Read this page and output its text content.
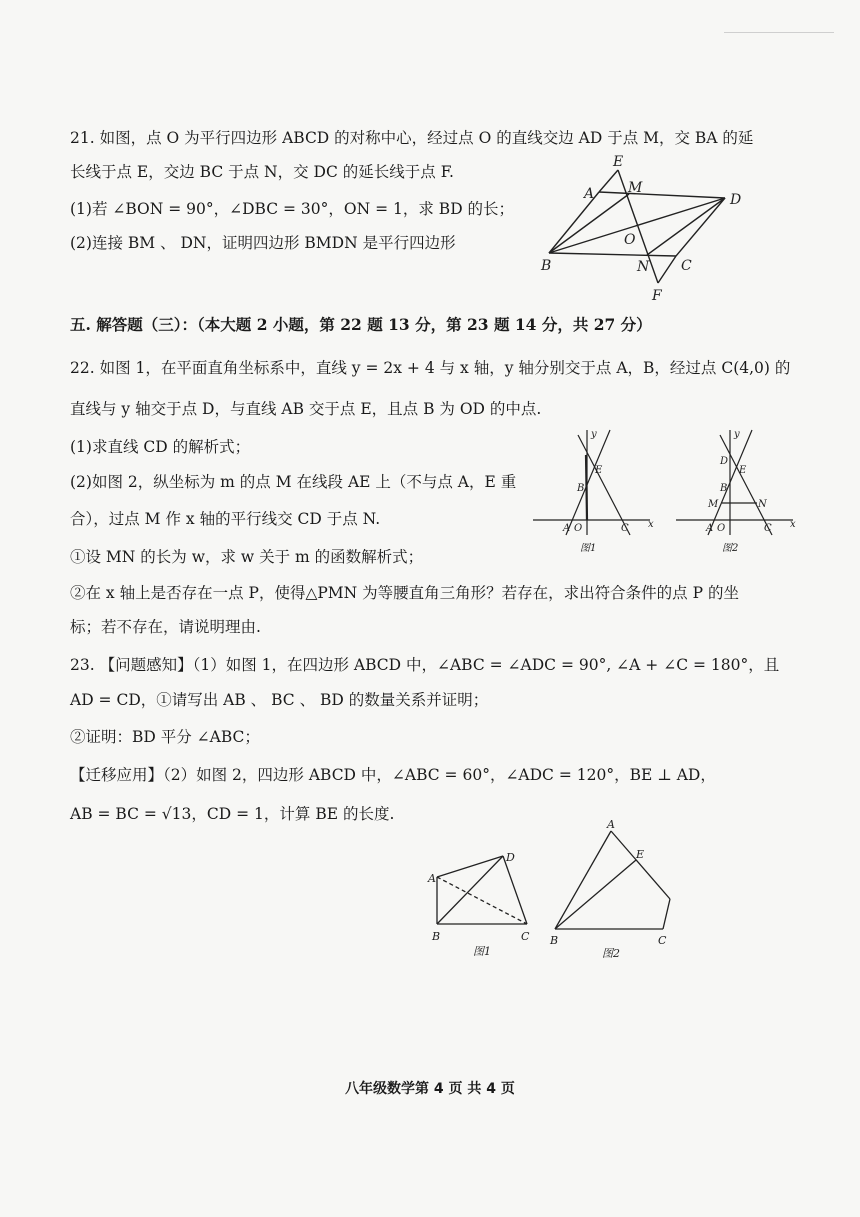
21. 如图，点 O 为平行四边形 ABCD 的对称中心，经过点 O 的直线交边 AD 于点 M，交 BA 的延
长线于点 E，交边 BC 于点 N，交 DC 的延长线于点 F.
(1)若 ∠BON = 90°，∠DBC = 30°，ON = 1，求 BD 的长；
(2)连接 BM 、 DN，证明四边形 BMDN 是平行四边形
E
A M
D
O
B	N C
F
五. 解答题（三）：（本大题 2 小题，第 22 题 13 分，第 23 题 14 分，共 27 分）
22. 如图 1，在平面直角坐标系中，直线 y = 2x + 4 与 x 轴，y 轴分别交于点 A，B，经过点 C(4,0) 的
直线与 y 轴交于点 D，与直线 AB 交于点 E，且点 B 为 OD 的中点.
(1)求直线 CD 的解析式；
(2)如图 2，纵坐标为 m 的点 M 在线段 AE 上（不与点 A，E 重
合），过点 M 作 x 轴的平行线交 CD 于点 N.
①设 MN 的长为 w，求 w 关于 m 的函数解析式；
②在 x 轴上是否存在一点 P，使得△PMN 为等腰直角三角形？若存在，求出符合条件的点 P 的坐
标；若不存在，请说明理由.
y
x
E
B
A O	C
图1
y
x
D
E
B
M	N
A O	C
图2
23. 【问题感知】（1）如图 1，在四边形 ABCD 中，∠ABC = ∠ADC = 90°, ∠A + ∠C = 180°，且
AD = CD，①请写出 AB 、 BC 、 BD 的数量关系并证明；
②证明：BD 平分 ∠ABC；
【迁移应用】（2）如图 2，四边形 ABCD 中，∠ABC = 60°，∠ADC = 120°，BE ⊥ AD，
AB = BC = √13，CD = 1，计算 BE 的长度.
A
D
B	C
图1
A
E
B	C
图2
八年级数学第 4 页 共 4 页
